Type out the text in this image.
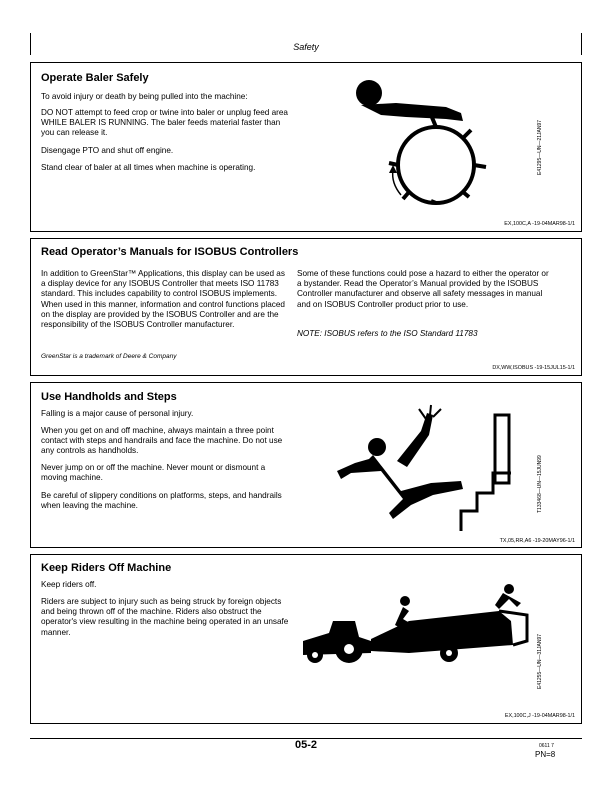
Safety
Operate Baler Safely

To avoid injury or death by being pulled into the machine:

DO NOT attempt to feed crop or twine into baler or unplug feed area WHILE BALER IS RUNNING. The baler feeds material faster than you can release it.

Disengage PTO and shut off engine.

Stand clear of baler at all times when machine is operating.	E41295—UN—21JAN97
EX,100C,A -19-04MAR98-1/1
Read Operator’s Manuals for ISOBUS Controllers

In addition to GreenStar™ Applications, this display can be used as a display device for any ISOBUS Controller that meets ISO 11783 standard. This includes capability to control ISOBUS implements. When used in this manner, information and control functions placed on the display are provided by the ISOBUS Controller and are the responsibility of the ISOBUS Controller manufacturer.

Some of these functions could pose a hazard to either the operator or a bystander. Read the Operator’s Manual provided by the ISOBUS Controller manufacturer and observe all safety messages in manual and on ISOBUS Controller product prior to use.

NOTE: ISOBUS refers to the ISO Standard 11783

GreenStar is a trademark of Deere & Company
DX,WW,ISOBUS -19-15JUL15-1/1
Use Handholds and Steps

Falling is a major cause of personal injury.

When you get on and off machine, always maintain a three point contact with steps and handrails and face the machine. Do not use any controls as handholds.

Never jump on or off the machine. Never mount or dismount a moving machine.

Be careful of slippery conditions on platforms, steps, and handrails when leaving the machine.	T133468—UN—15JUN99
TX,05,RR,A6 -19-20MAY96-1/1
Keep Riders Off Machine

Keep riders off.

Riders are subject to injury such as being struck by foreign objects and being thrown off of the machine. Riders also obstruct the operator's view resulting in the machine being operated in an unsafe manner.

E41255—UN—31JAN97
EX,100C,J -19-04MAR98-1/1
05-2	0611 7
PN=8
